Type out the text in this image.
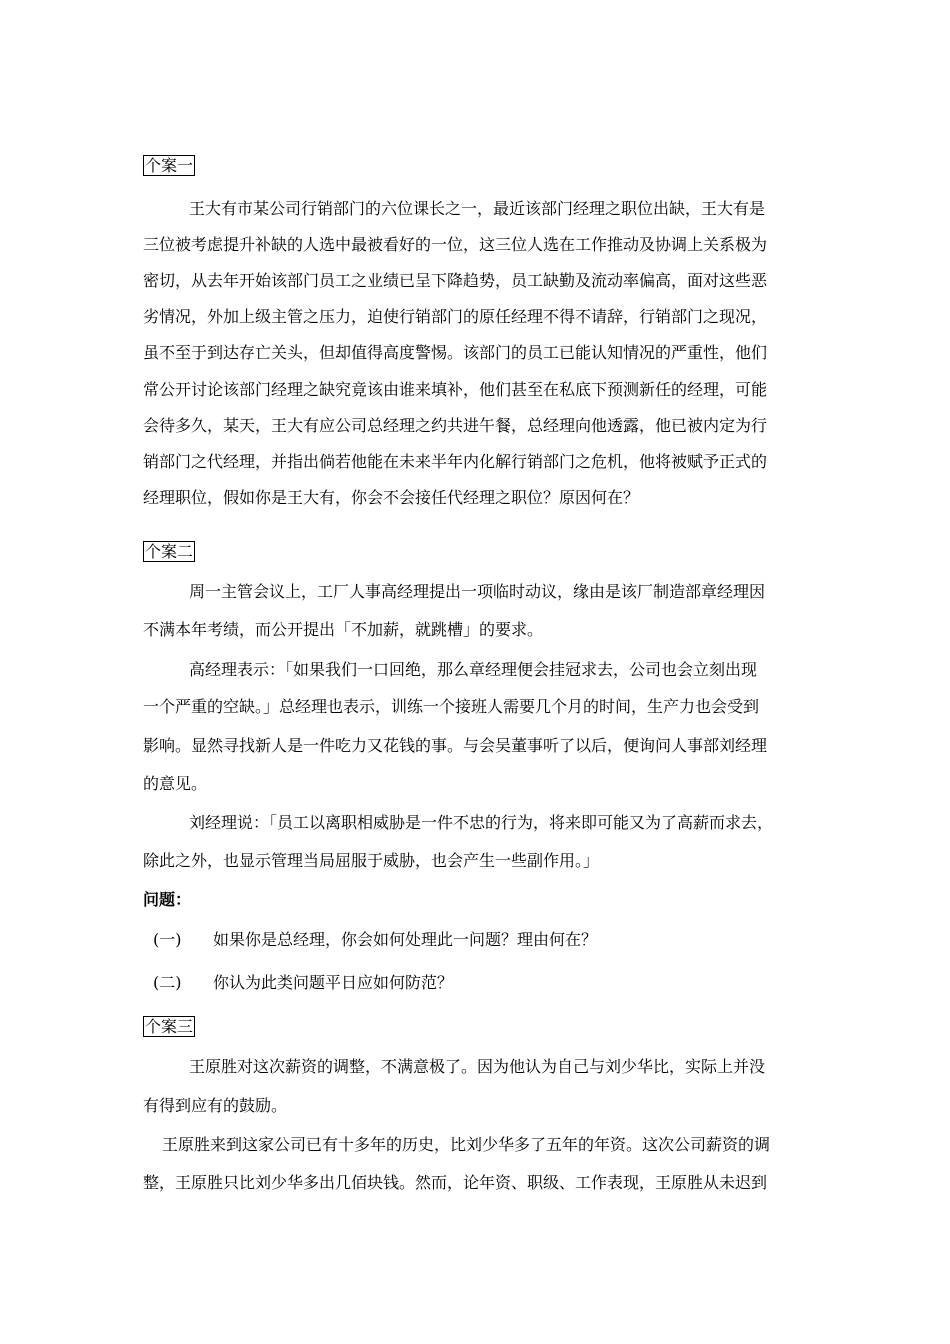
个案一
王大有市某公司行销部门的六位课长之一，最近该部门经理之职位出缺，王大有是
三位被考虑提升补缺的人选中最被看好的一位，这三位人选在工作推动及协调上关系极为
密切，从去年开始该部门员工之业绩已呈下降趋势，员工缺勤及流动率偏高，面对这些恶
劣情况，外加上级主管之压力，迫使行销部门的原任经理不得不请辞，行销部门之现况，
虽不至于到达存亡关头，但却值得高度警惕。该部门的员工已能认知情况的严重性，他们
常公开讨论该部门经理之缺究竟该由谁来填补，他们甚至在私底下预测新任的经理，可能
会待多久，某天，王大有应公司总经理之约共进午餐，总经理向他透露，他已被内定为行
销部门之代经理，并指出倘若他能在未来半年内化解行销部门之危机，他将被赋予正式的
经理职位，假如你是王大有，你会不会接任代经理之职位？原因何在？
个案二
周一主管会议上，工厂人事高经理提出一项临时动议，缘由是该厂制造部章经理因
不满本年考绩，而公开提出「不加薪，就跳槽」的要求。
高经理表示：「如果我们一口回绝，那么章经理便会挂冠求去，公司也会立刻出现
一个严重的空缺。」总经理也表示，训练一个接班人需要几个月的时间，生产力也会受到
影响。显然寻找新人是一件吃力又花钱的事。与会吴董事听了以后，便询问人事部刘经理
的意见。
刘经理说：「员工以离职相威胁是一件不忠的行为，将来即可能又为了高薪而求去，
除此之外，也显示管理当局屈服于威胁，也会产生一些副作用。」
问题：
(一) 如果你是总经理，你会如何处理此一问题？理由何在？
(二) 你认为此类问题平日应如何防范？
个案三
王原胜对这次薪资的调整，不满意极了。因为他认为自己与刘少华比，实际上并没
有得到应有的鼓励。
王原胜来到这家公司已有十多年的历史，比刘少华多了五年的年资。这次公司薪资的调
整，王原胜只比刘少华多出几佰块钱。然而，论年资、职级、工作表现，王原胜从未迟到
